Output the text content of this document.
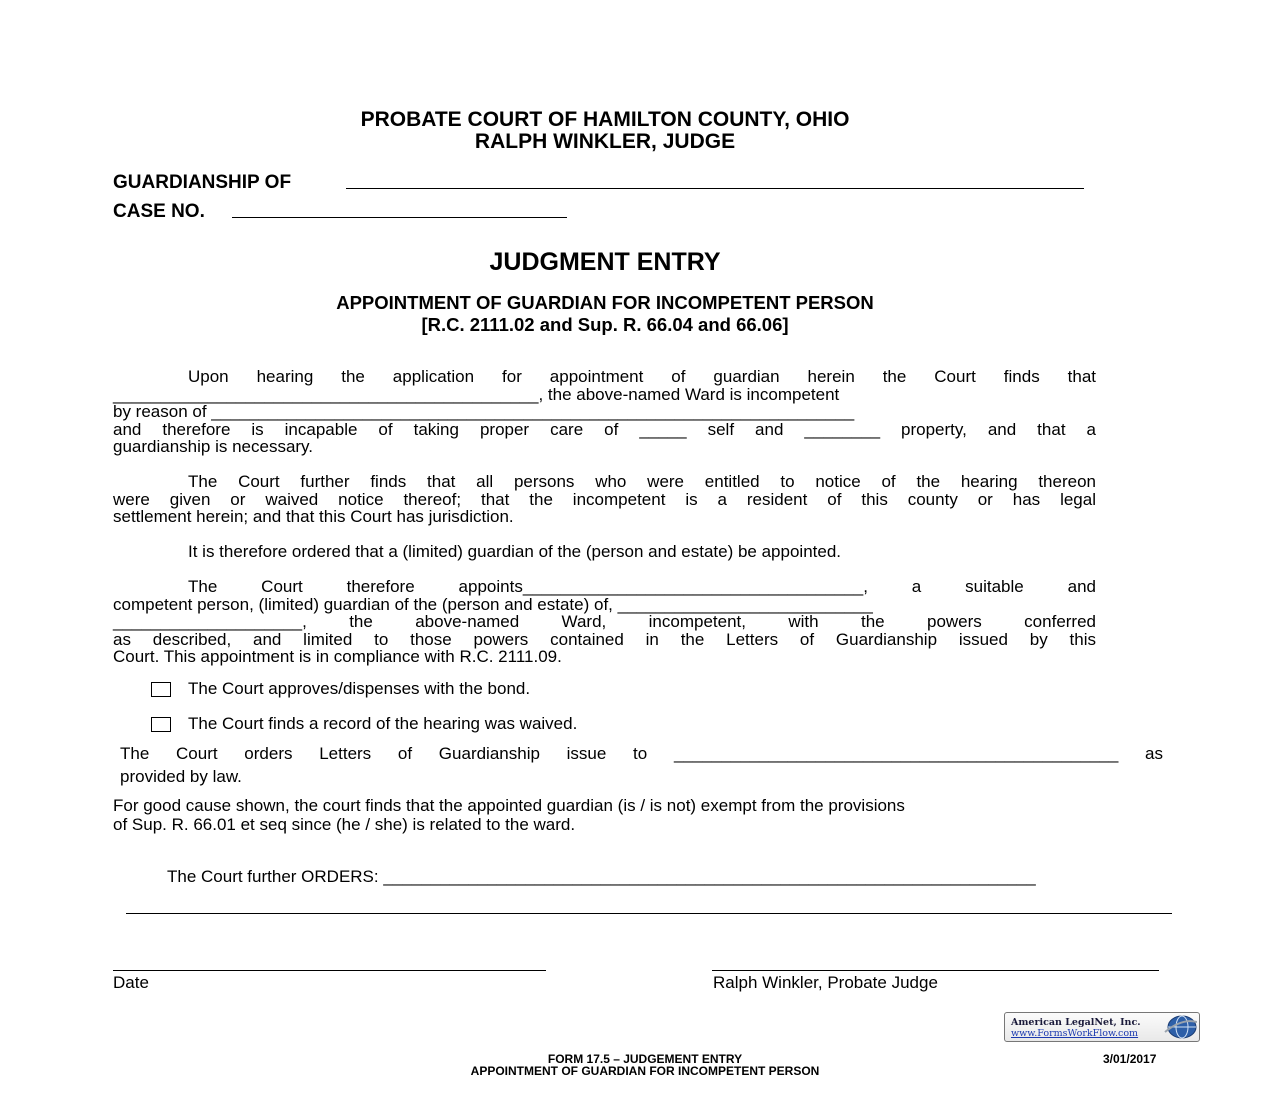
PROBATE COURT OF HAMILTON COUNTY, OHIO
RALPH WINKLER, JUDGE
GUARDIANSHIP OF
CASE NO.
JUDGMENT ENTRY
APPOINTMENT OF GUARDIAN FOR INCOMPETENT PERSON
[R.C. 2111.02 and Sup. R. 66.04 and 66.06]
Upon hearing the application for appointment of guardian herein the Court finds that
_____________________________________________, the above-named Ward is incompetent
by reason of ____________________________________________________________________
and therefore is incapable of taking proper care of _____ self and ________ property, and that a
guardianship is necessary.
The Court further finds that all persons who were entitled to notice of the hearing thereon
were given or waived notice thereof; that the incompetent is a resident of this county or has legal
settlement herein; and that this Court has jurisdiction.
It is therefore ordered that a (limited) guardian of the (person and estate) be appointed.
The Court therefore appoints____________________________________, a suitable and
competent person, (limited) guardian of the (person and estate) of, ___________________________
____________________, the above-named Ward, incompetent, with the powers conferred
as described, and limited to those powers contained in the Letters of Guardianship issued by this
Court. This appointment is in compliance with R.C. 2111.09.
The Court approves/dispenses with the bond.
The Court finds a record of the hearing was waived.
The Court orders Letters of Guardianship issue to _______________________________________________ as
provided by law.
For good cause shown, the court finds that the appointed guardian (is / is not) exempt from the provisions
of Sup. R. 66.01 et seq since (he / she) is related to the ward.
The Court further ORDERS: _____________________________________________________________________
Date	Ralph Winkler, Probate Judge
American LegalNet, Inc.
www.FormsWorkFlow.com
FORM 17.5 – JUDGEMENT ENTRY
APPOINTMENT OF GUARDIAN FOR INCOMPETENT PERSON
3/01/2017
